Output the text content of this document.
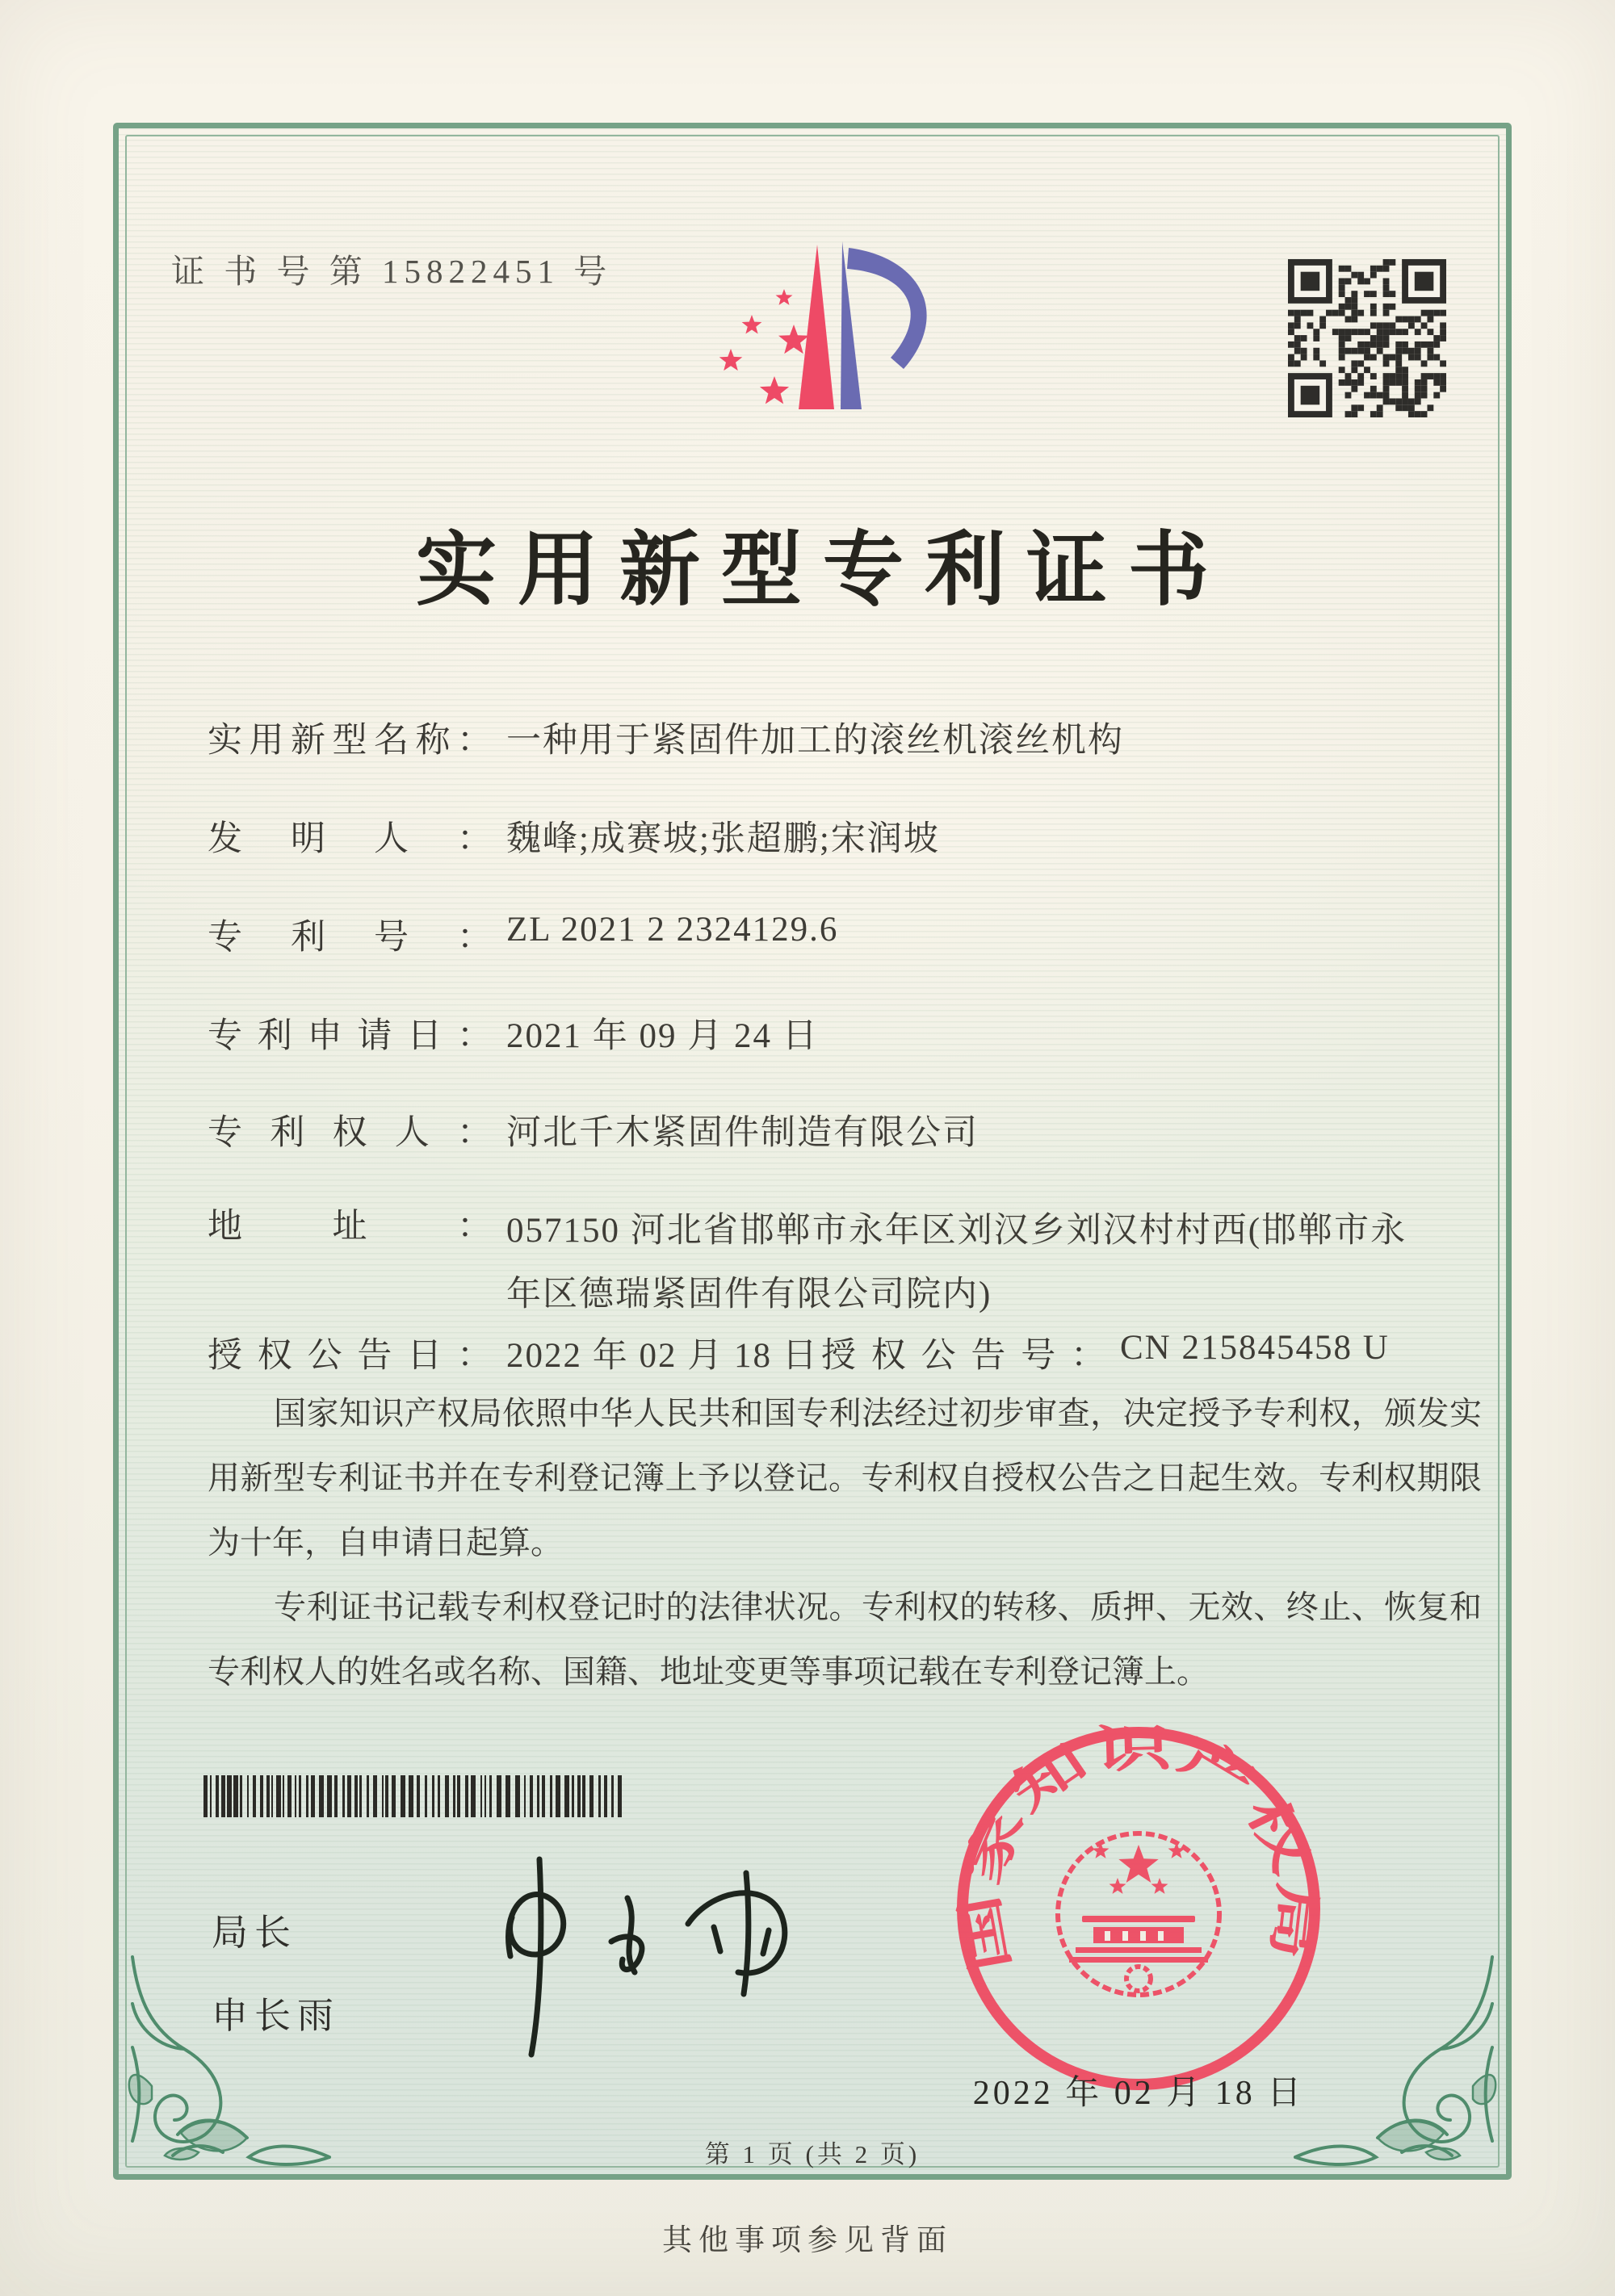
证 书 号 第 15822451 号
实用新型专利证书
实用新型名称： 一种用于紧固件加工的滚丝机滚丝机构
发明人： 魏峰;成赛坡;张超鹏;宋润坡
专利号： ZL 2021 2 2324129.6
专利申请日： 2021 年 09 月 24 日
专利权人： 河北千木紧固件制造有限公司
地址： 057150 河北省邯郸市永年区刘汉乡刘汉村村西(邯郸市永年区德瑞紧固件有限公司院内)
授权公告日： 2022 年 02 月 18 日 授权公告号： CN 215845458 U

国家知识产权局依照中华人民共和国专利法经过初步审查，决定授予专利权，颁发实用新型专利证书并在专利登记簿上予以登记。专利权自授权公告之日起生效。专利权期限为十年，自申请日起算。

专利证书记载专利权登记时的法律状况。专利权的转移、质押、无效、终止、恢复和专利权人的姓名或名称、国籍、地址变更等事项记载在专利登记簿上。

局长
申长雨
国家知识产权局
2022 年 02 月 18 日
第 1 页 (共 2 页)
其他事项参见背面
